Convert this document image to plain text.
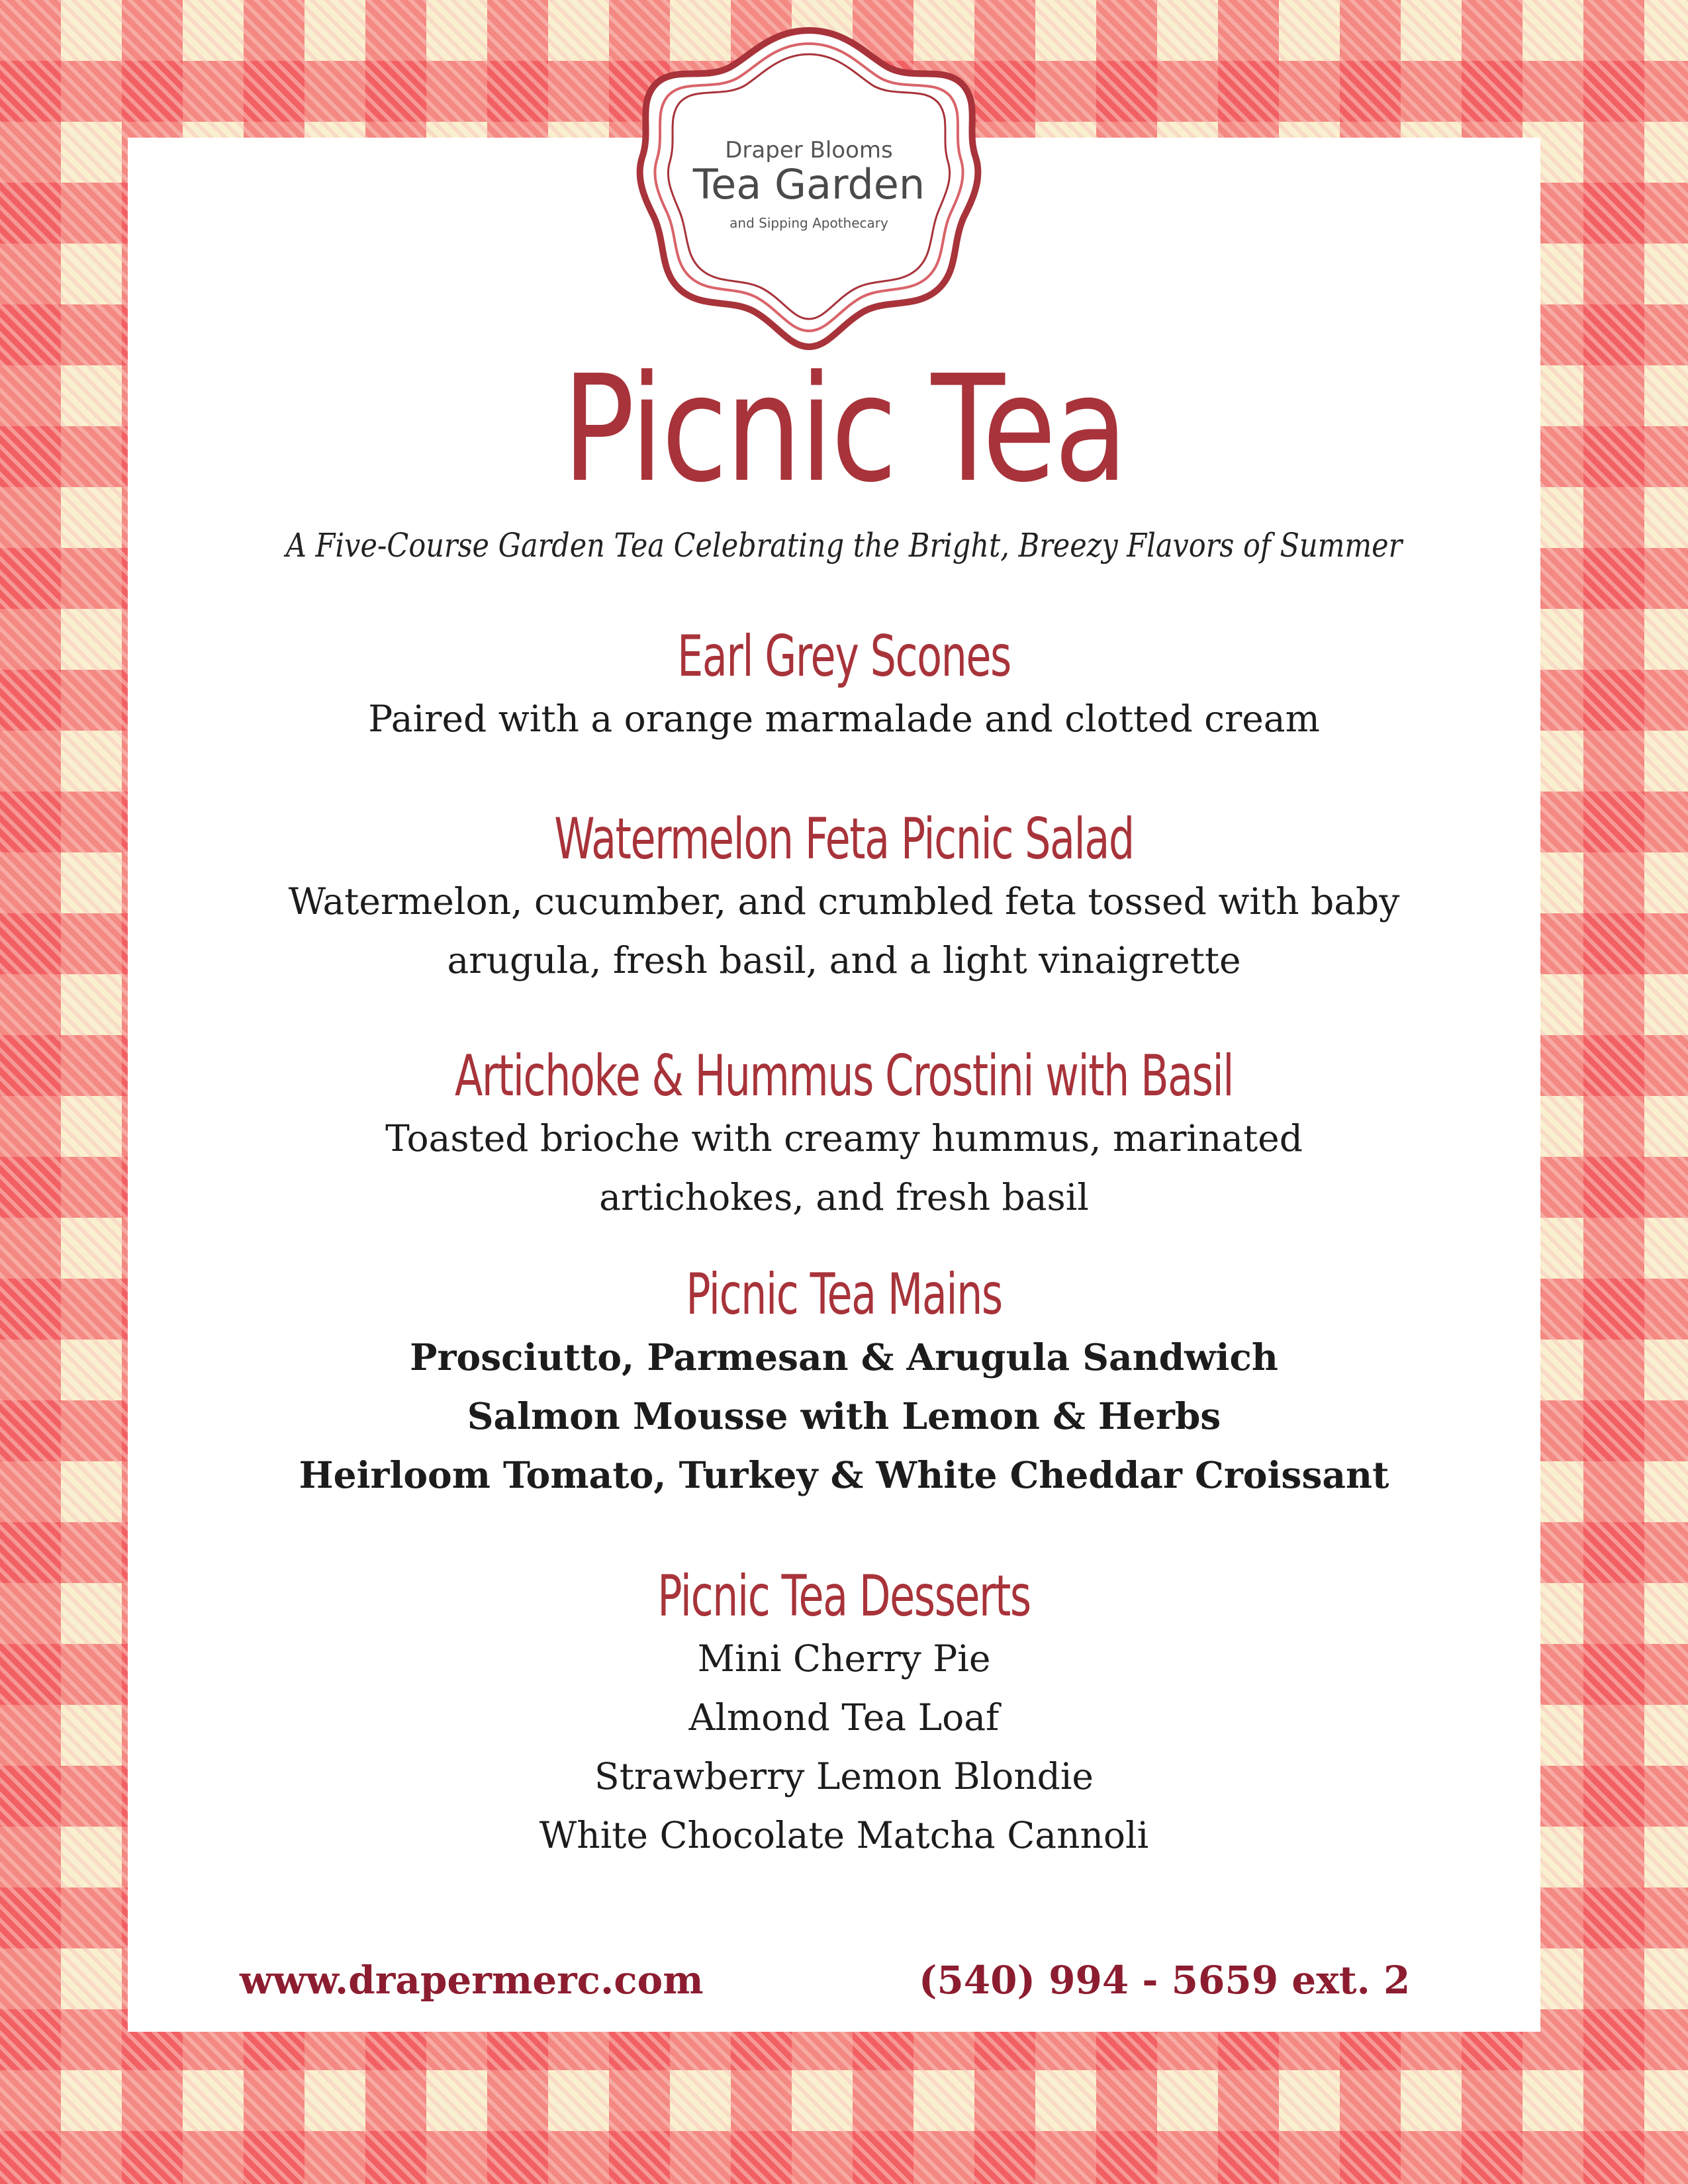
Draper Blooms
Tea Garden
and Sipping Apothecary
Picnic Tea
A Five-Course Garden Tea Celebrating the Bright, Breezy Flavors of Summer
Earl Grey Scones
Paired with a orange marmalade and clotted cream
Watermelon Feta Picnic Salad
Watermelon, cucumber, and crumbled feta tossed with baby
arugula, fresh basil, and a light vinaigrette
Artichoke & Hummus Crostini with Basil
Toasted brioche with creamy hummus, marinated
artichokes, and fresh basil
Picnic Tea Mains
Prosciutto, Parmesan & Arugula Sandwich
Salmon Mousse with Lemon & Herbs
Heirloom Tomato, Turkey & White Cheddar Croissant
Picnic Tea Desserts
Mini Cherry Pie
Almond Tea Loaf
Strawberry Lemon Blondie
White Chocolate Matcha Cannoli
www.drapermerc.com	(540) 994 - 5659 ext. 2
